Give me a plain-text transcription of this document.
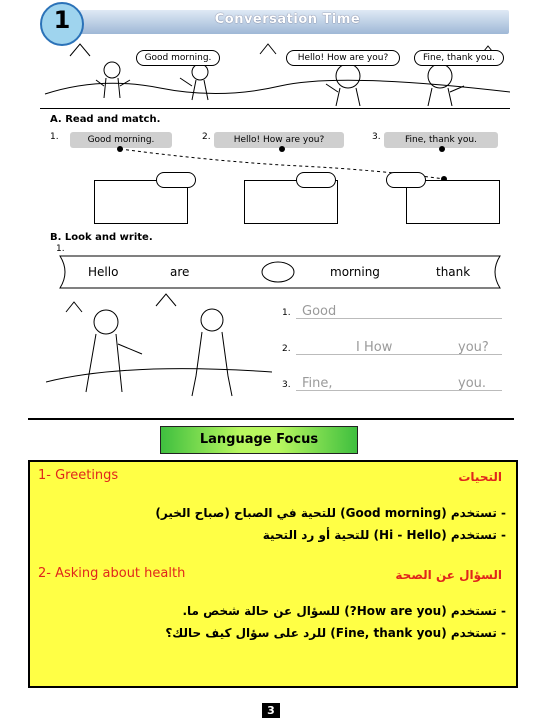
Conversation Time
1
Good morning.	Hello! How are you?	Fine, thank you.
A. Read and match.
1.	Good morning.	2.	Hello! How are you?	3.	Fine, thank you.
B. Look and write.
1.
Hello	are	morning	thank
1. Good
2.	I How	you?
3. Fine,	you.
Language Focus
1- Greetings	التحيات
- تستخدم (Good morning) للتحية في الصباح (صباح الخير)
- تستخدم (Hi - Hello) للتحية أو رد التحية
2- Asking about health	السؤال عن الصحة
- تستخدم (How are you?) للسؤال عن حالة شخص ما.
- تستخدم (Fine, thank you) للرد على سؤال كيف حالك؟
3
